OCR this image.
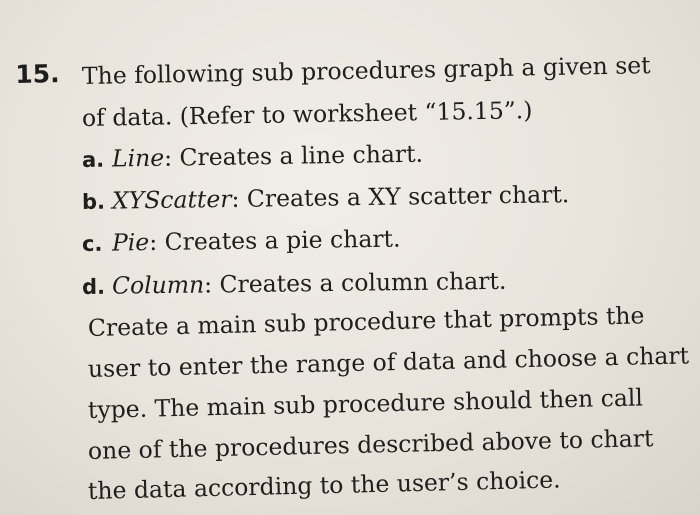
15. The following sub procedures graph a given set
of data. (Refer to worksheet “15.15”.)
a. Line: Creates a line chart.
b. XYScatter: Creates a XY scatter chart.
c. Pie: Creates a pie chart.
d. Column: Creates a column chart.
Create a main sub procedure that prompts the
user to enter the range of data and choose a chart
type. The main sub procedure should then call
one of the procedures described above to chart
the data according to the user’s choice.
